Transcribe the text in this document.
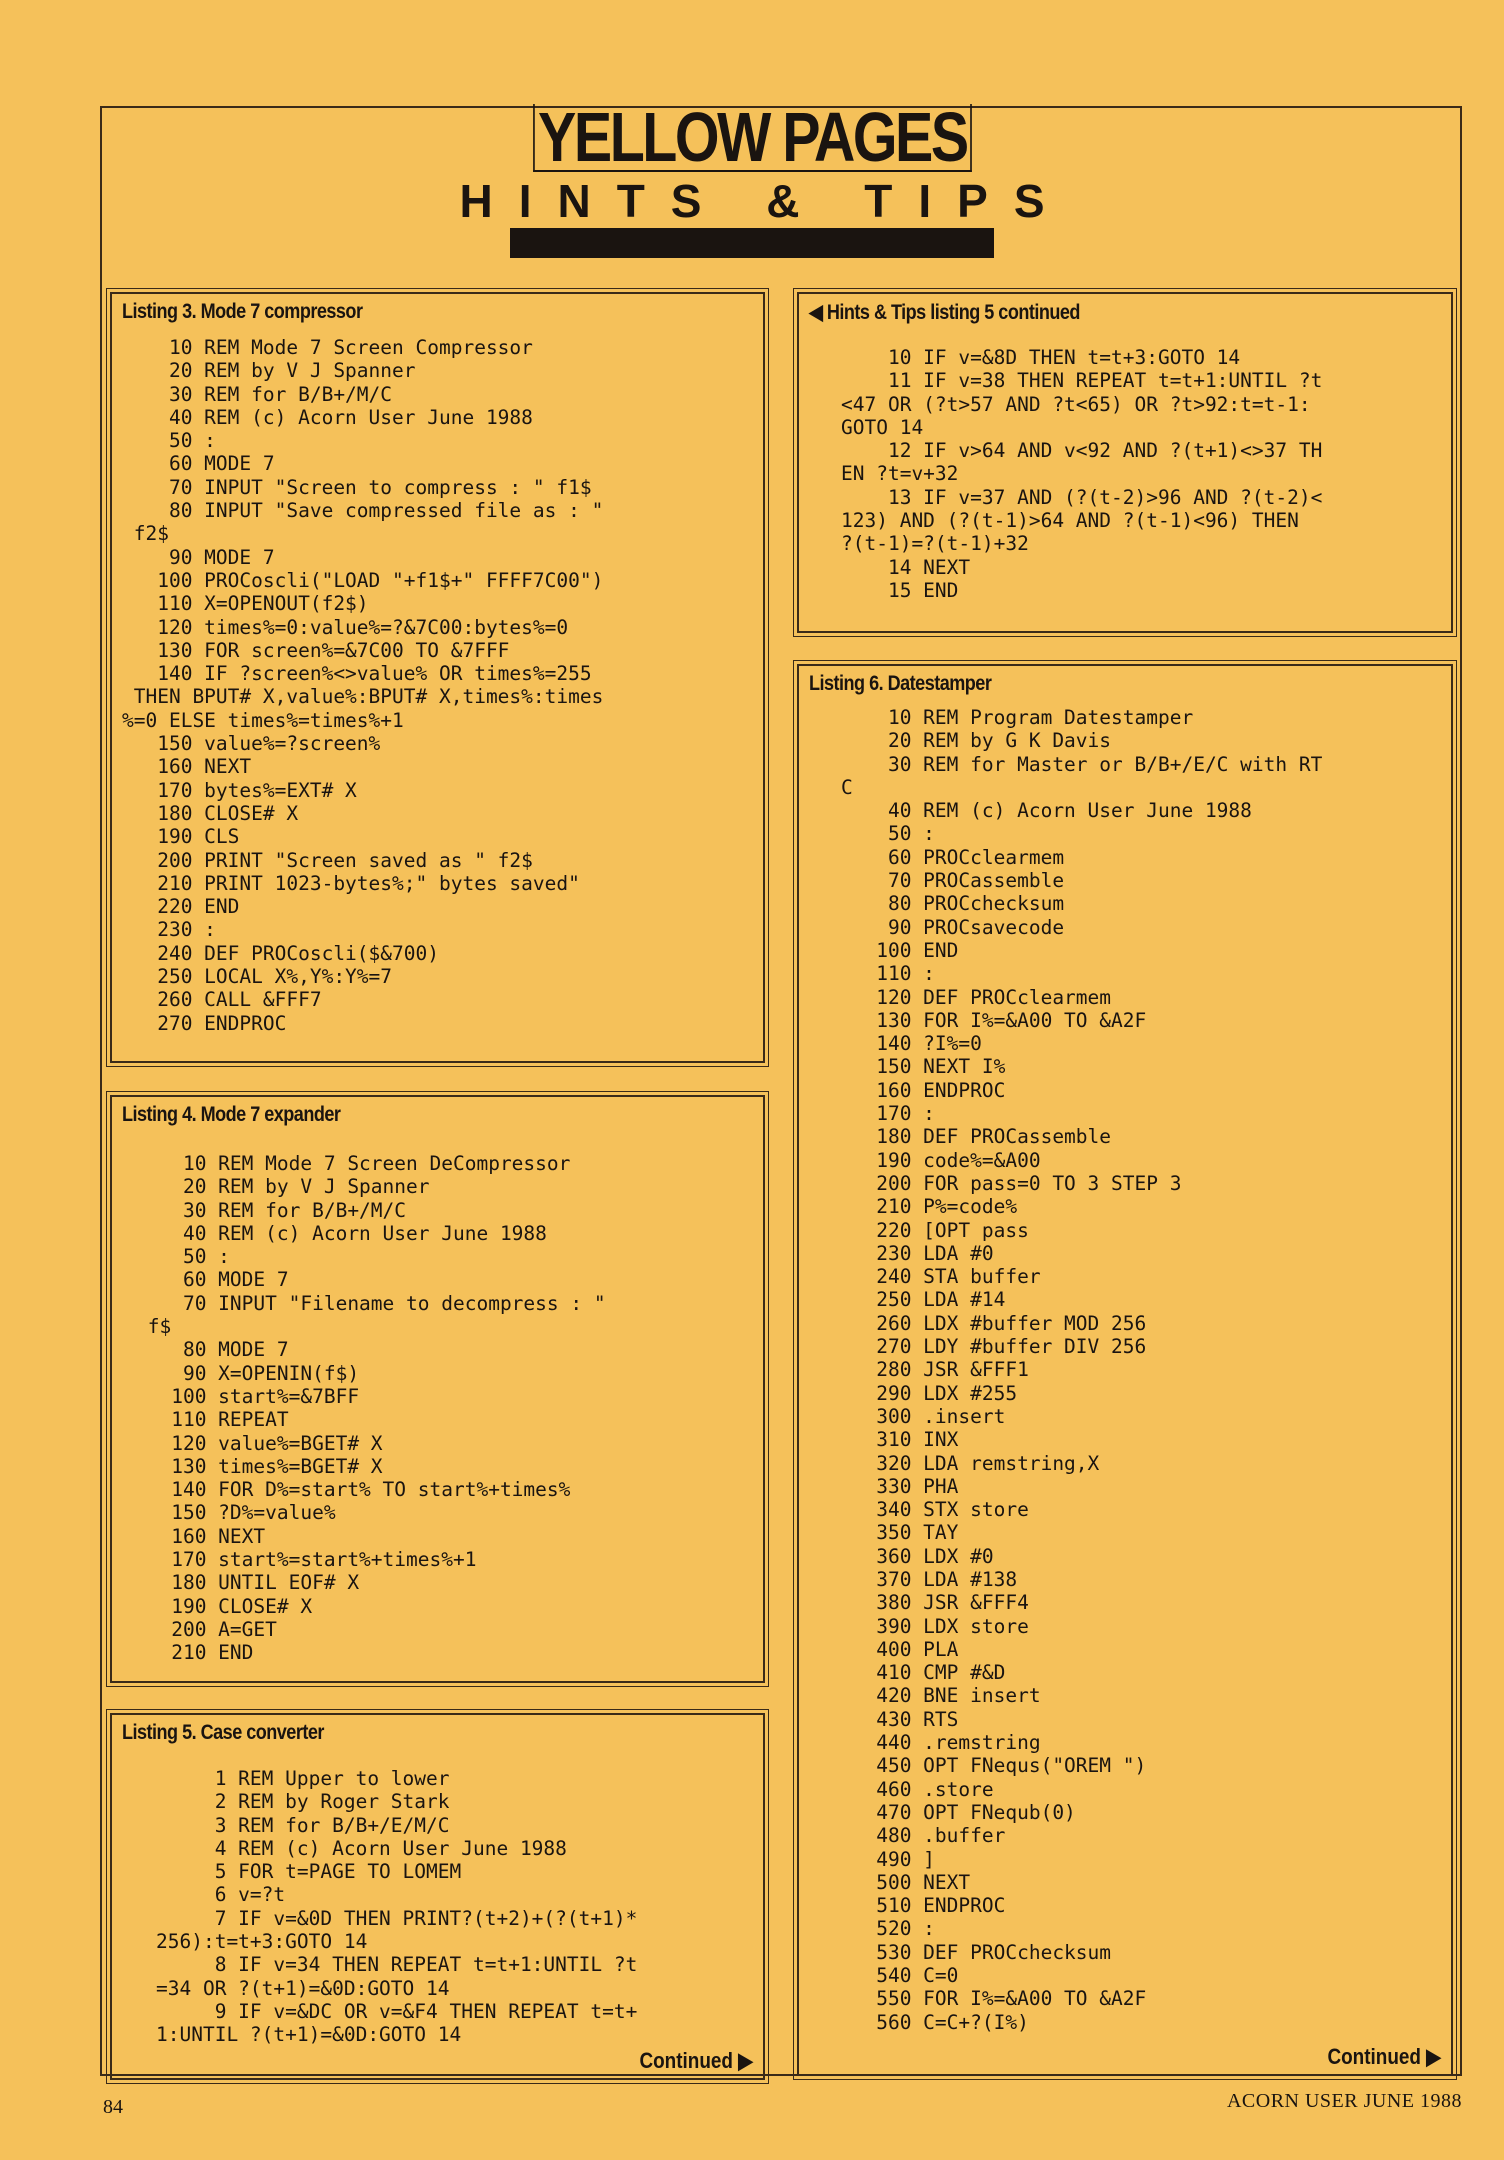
YELLOW PAGES
HINTS & TIPS
Listing 3. Mode 7 compressor
10 REM Mode 7 Screen Compressor
20 REM by V J Spanner
30 REM for B/B+/M/C
40 REM (c) Acorn User June 1988
50 :
60 MODE 7
70 INPUT "Screen to compress : " f1$
80 INPUT "Save compressed file as : "
f2$
90 MODE 7
100 PROCoscli("LOAD "+f1$+" FFFF7C00")
110 X=OPENOUT(f2$)
120 times%=0:value%=?&7C00:bytes%=0
130 FOR screen%=&7C00 TO &7FFF
140 IF ?screen%<>value% OR times%=255
THEN BPUT# X,value%:BPUT# X,times%:times
%=0 ELSE times%=times%+1
150 value%=?screen%
160 NEXT
170 bytes%=EXT# X
180 CLOSE# X
190 CLS
200 PRINT "Screen saved as " f2$
210 PRINT 1023-bytes%;" bytes saved"
220 END
230 :
240 DEF PROCoscli($&700)
250 LOCAL X%,Y%:Y%=7
260 CALL &FFF7
270 ENDPROC
Listing 4. Mode 7 expander
10 REM Mode 7 Screen DeCompressor
20 REM by V J Spanner
30 REM for B/B+/M/C
40 REM (c) Acorn User June 1988
50 :
60 MODE 7
70 INPUT "Filename to decompress : "
f$
80 MODE 7
90 X=OPENIN(f$)
100 start%=&7BFF
110 REPEAT
120 value%=BGET# X
130 times%=BGET# X
140 FOR D%=start% TO start%+times%
150 ?D%=value%
160 NEXT
170 start%=start%+times%+1
180 UNTIL EOF# X
190 CLOSE# X
200 A=GET
210 END
Listing 5. Case converter
1 REM Upper to lower
2 REM by Roger Stark
3 REM for B/B+/E/M/C
4 REM (c) Acorn User June 1988
5 FOR t=PAGE TO LOMEM
6 v=?t
7 IF v=&0D THEN PRINT?(t+2)+(?(t+1)*
256):t=t+3:GOTO 14
8 IF v=34 THEN REPEAT t=t+1:UNTIL ?t
=34 OR ?(t+1)=&0D:GOTO 14
9 IF v=&DC OR v=&F4 THEN REPEAT t=t+
1:UNTIL ?(t+1)=&0D:GOTO 14
Continued ▶
◀ Hints & Tips listing 5 continued
10 IF v=&8D THEN t=t+3:GOTO 14
11 IF v=38 THEN REPEAT t=t+1:UNTIL ?t
<47 OR (?t>57 AND ?t<65) OR ?t>92:t=t-1:
GOTO 14
12 IF v>64 AND v<92 AND ?(t+1)<>37 TH
EN ?t=v+32
13 IF v=37 AND (?(t-2)>96 AND ?(t-2)<
123) AND (?(t-1)>64 AND ?(t-1)<96) THEN
?(t-1)=?(t-1)+32
14 NEXT
15 END
Listing 6. Datestamper
10 REM Program Datestamper
20 REM by G K Davis
30 REM for Master or B/B+/E/C with RT
C
40 REM (c) Acorn User June 1988
50 :
60 PROCclearmem
70 PROCassemble
80 PROCchecksum
90 PROCsavecode
100 END
110 :
120 DEF PROCclearmem
130 FOR I%=&A00 TO &A2F
140 ?I%=0
150 NEXT I%
160 ENDPROC
170 :
180 DEF PROCassemble
190 code%=&A00
200 FOR pass=0 TO 3 STEP 3
210 P%=code%
220 [OPT pass
230 LDA #0
240 STA buffer
250 LDA #14
260 LDX #buffer MOD 256
270 LDY #buffer DIV 256
280 JSR &FFF1
290 LDX #255
300 .insert
310 INX
320 LDA remstring,X
330 PHA
340 STX store
350 TAY
360 LDX #0
370 LDA #138
380 JSR &FFF4
390 LDX store
400 PLA
410 CMP #&D
420 BNE insert
430 RTS
440 .remstring
450 OPT FNequs("OREM ")
460 .store
470 OPT FNequb(0)
480 .buffer
490 ]
500 NEXT
510 ENDPROC
520 :
530 DEF PROCchecksum
540 C=0
550 FOR I%=&A00 TO &A2F
560 C=C+?(I%)
Continued ▶
84	ACORN USER JUNE 1988
